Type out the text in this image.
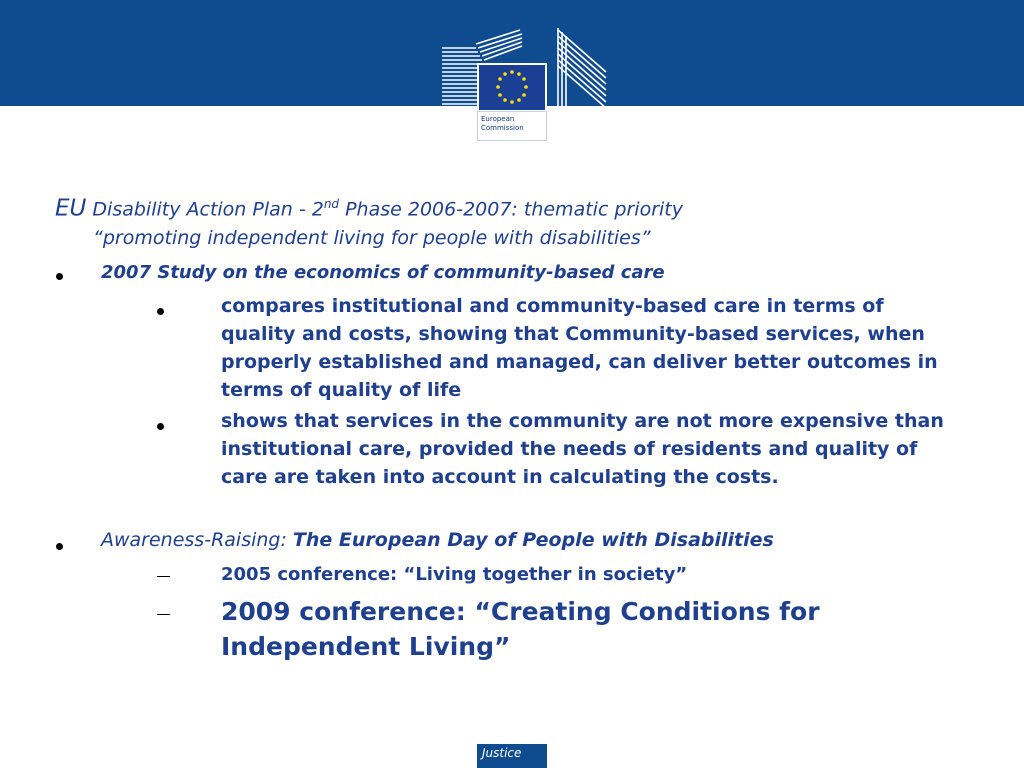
European
Commission
EU Disability Action Plan - 2nd Phase 2006-2007: thematic priority
“promoting independent living for people with disabilities”
2007 Study on the economics of community-based care
compares institutional and community-based care in terms of quality and costs, showing that Community-based services, when properly established and managed, can deliver better outcomes in terms of quality of life
shows that services in the community are not more expensive than institutional care, provided the needs of residents and quality of care are taken into account in calculating the costs.
Awareness-Raising: The European Day of People with Disabilities
2005 conference: “Living together in society”
2009 conference: “Creating Conditions for Independent Living”
Justice
